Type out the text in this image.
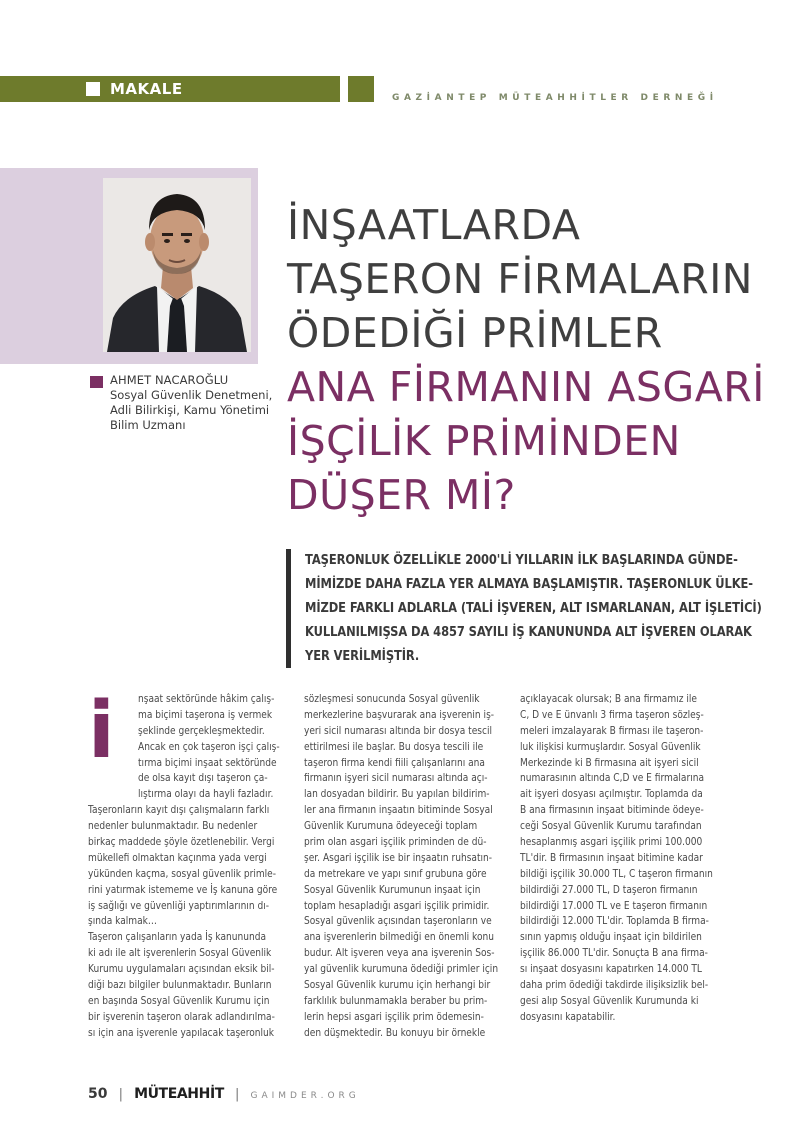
MAKALE	GAZİANTEP MÜTEAHHİTLER DERNEĞİ
AHMET NACAROĞLU
Sosyal Güvenlik Denetmeni,
Adli Bilirkişi, Kamu Yönetimi
Bilim Uzmanı
İNŞAATLARDA
TAŞERON FİRMALARIN
ÖDEDİĞİ PRİMLER
ANA FİRMANIN ASGARİ
İŞÇİLİK PRİMİNDEN
DÜŞER Mİ?
TAŞERONLUK ÖZELLİKLE 2000'Lİ YILLARIN İLK BAŞLARINDA GÜNDE-
MİMİZDE DAHA FAZLA YER ALMAYA BAŞLAMIŞTIR. TAŞERONLUK ÜLKE-
MİZDE FARKLI ADLARLA (TALİ İŞVEREN, ALT ISMARLANAN, ALT İŞLETİCİ)
KULLANILMIŞSA DA 4857 SAYILI İŞ KANUNUNDA ALT İŞVEREN OLARAK
YER VERİLMİŞTİR.
i nşaat sektöründe hâkim çalış-
ma biçimi taşerona iş vermek
şeklinde gerçekleşmektedir.
Ancak en çok taşeron işçi çalış-
tırma biçimi inşaat sektöründe
de olsa kayıt dışı taşeron ça-
lıştırma olayı da hayli fazladır.
Taşeronların kayıt dışı çalışmaların farklı
nedenler bulunmaktadır. Bu nedenler
birkaç maddede şöyle özetlenebilir. Vergi
mükellefi olmaktan kaçınma yada vergi
yükünden kaçma, sosyal güvenlik primle-
rini yatırmak istememe ve İş kanuna göre
iş sağlığı ve güvenliği yaptırımlarının dı-
şında kalmak…
Taşeron çalışanların yada İş kanununda
ki adı ile alt işverenlerin Sosyal Güvenlik
Kurumu uygulamaları açısından eksik bil-
diği bazı bilgiler bulunmaktadır. Bunların
en başında Sosyal Güvenlik Kurumu için
bir işverenin taşeron olarak adlandırılma-
sı için ana işverenle yapılacak taşeronluk
sözleşmesi sonucunda Sosyal güvenlik
merkezlerine başvurarak ana işverenin iş-
yeri sicil numarası altında bir dosya tescil
ettirilmesi ile başlar. Bu dosya tescili ile
taşeron firma kendi fiili çalışanlarını ana
firmanın işyeri sicil numarası altında açı-
lan dosyadan bildirir. Bu yapılan bildirim-
ler ana firmanın inşaatın bitiminde Sosyal
Güvenlik Kurumuna ödeyeceği toplam
prim olan asgari işçilik priminden de dü-
şer. Asgari işçilik ise bir inşaatın ruhsatın-
da metrekare ve yapı sınıf grubuna göre
Sosyal Güvenlik Kurumunun inşaat için
toplam hesapladığı asgari işçilik primidir.
Sosyal güvenlik açısından taşeronların ve
ana işverenlerin bilmediği en önemli konu
budur. Alt işveren veya ana işverenin Sos-
yal güvenlik kurumuna ödediği primler için
Sosyal Güvenlik kurumu için herhangi bir
farklılık bulunmamakla beraber bu prim-
lerin hepsi asgari işçilik prim ödemesin-
den düşmektedir. Bu konuyu bir örnekle
açıklayacak olursak; B ana firmamız ile
C, D ve E ünvanlı 3 firma taşeron sözleş-
meleri imzalayarak B firması ile taşeron-
luk ilişkisi kurmuşlardır. Sosyal Güvenlik
Merkezinde ki B firmasına ait işyeri sicil
numarasının altında C,D ve E firmalarına
ait işyeri dosyası açılmıştır. Toplamda da
B ana firmasının inşaat bitiminde ödeye-
ceği Sosyal Güvenlik Kurumu tarafından
hesaplanmış asgari işçilik primi 100.000
TL'dir. B firmasının inşaat bitimine kadar
bildiği işçilik 30.000 TL, C taşeron firmanın
bildirdiği 27.000 TL, D taşeron firmanın
bildirdiği 17.000 TL ve E taşeron firmanın
bildirdiği 12.000 TL'dir. Toplamda B firma-
sının yapmış olduğu inşaat için bildirilen
işçilik 86.000 TL'dir. Sonuçta B ana firma-
sı inşaat dosyasını kapatırken 14.000 TL
daha prim ödediği takdirde ilişiksizlik bel-
gesi alıp Sosyal Güvenlik Kurumunda ki
dosyasını kapatabilir.
50 | MÜTEAHHİT | GAIMDER.ORG
